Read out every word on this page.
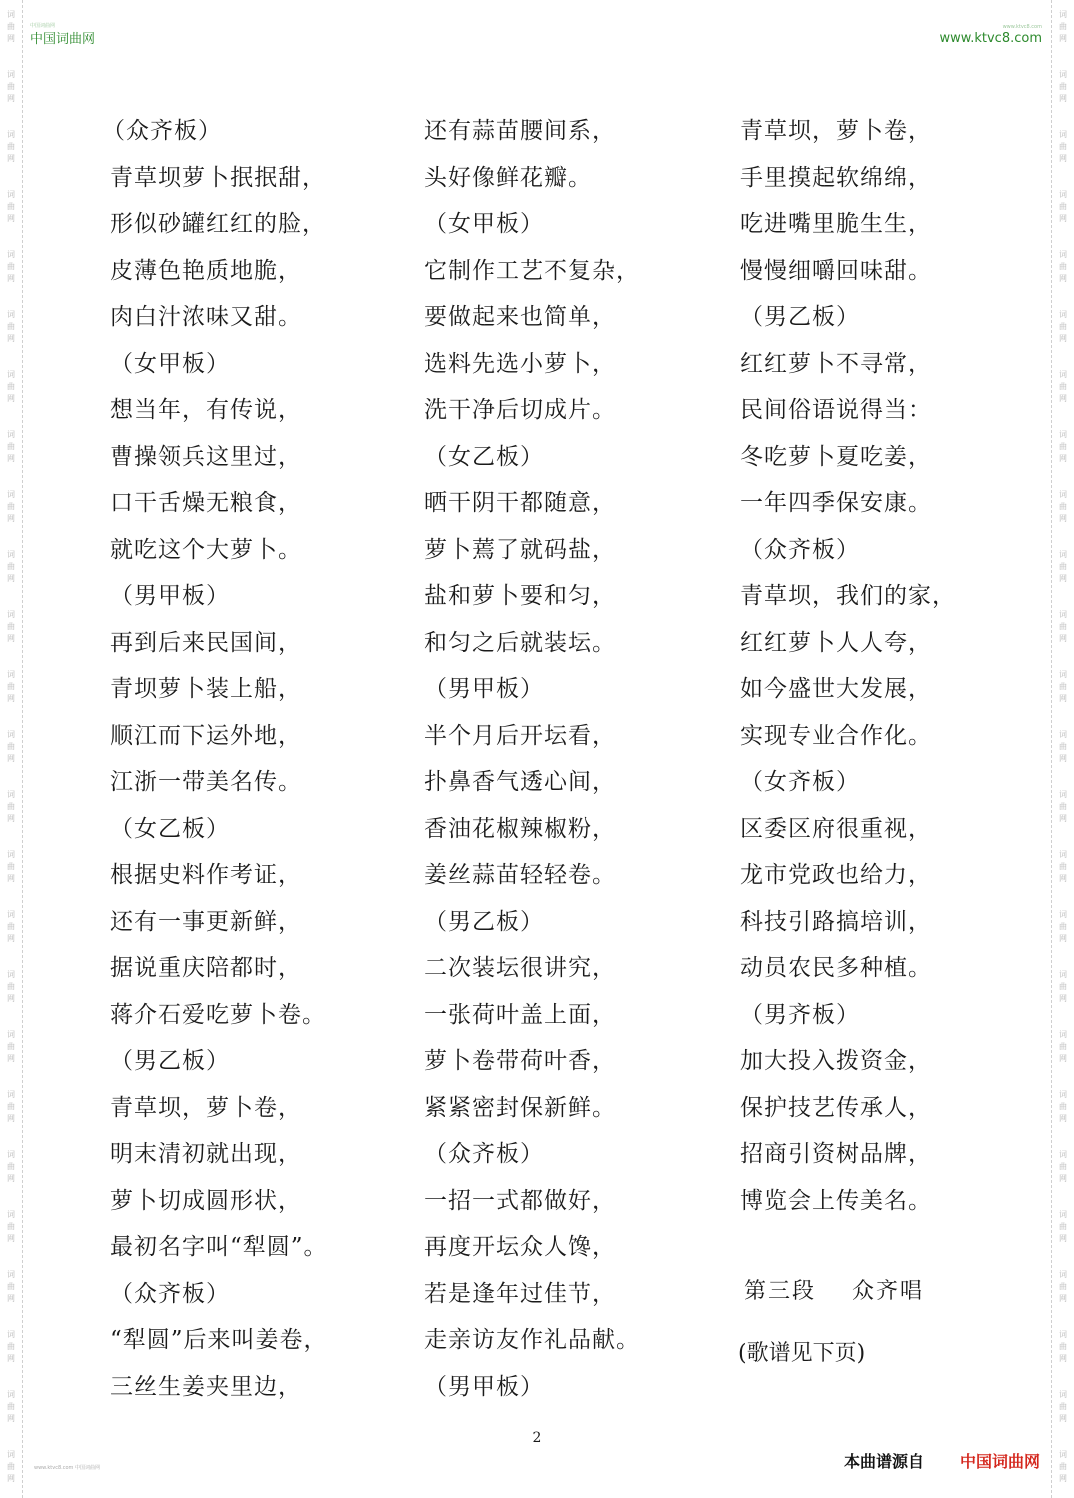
词
曲
网
词
曲
网
词
曲
网
词
曲
网
词
曲
网
词
曲
网
词
曲
网
词
曲
网
词
曲
网
词
曲
网
词
曲
网
词
曲
网
词
曲
网
词
曲
网
词
曲
网
词
曲
网
词
曲
网
词
曲
网
词
曲
网
词
曲
网
词
曲
网
词
曲
网
词
曲
网
词
曲
网
词
曲
网
词
曲
网
词
曲
网
词
曲
网
词
曲
网
词
曲
网
词
曲
网
词
曲
网
词
曲
网
词
曲
网
词
曲
网
词
曲
网
词
曲
网
词
曲
网
词
曲
网
词
曲
网
词
曲
网
词
曲
网
词
曲
网
词
曲
网
词
曲
网
词
曲
网
词
曲
网
词
曲
网
词
曲
网
词
曲
网
中国词曲网
中国词曲网
www.ktvc8.com
www.ktvc8.com
（众齐板）
青草坝萝卜抿抿甜，
形似砂罐红红的脸，
皮薄色艳质地脆，
肉白汁浓味又甜。
（女甲板）
想当年，有传说，
曹操领兵这里过，
口干舌燥无粮食，
就吃这个大萝卜。
（男甲板）
再到后来民国间，
青坝萝卜装上船，
顺江而下运外地，
江浙一带美名传。
（女乙板）
根据史料作考证，
还有一事更新鲜，
据说重庆陪都时，
蒋介石爱吃萝卜卷。
（男乙板）
青草坝，萝卜卷，
明末清初就出现，
萝卜切成圆形状，
最初名字叫“犁圆”。
（众齐板）
“犁圆”后来叫姜卷，
三丝生姜夹里边，
还有蒜苗腰间系，
头好像鲜花瓣。
（女甲板）
它制作工艺不复杂，
要做起来也简单，
选料先选小萝卜，
洗干净后切成片。
（女乙板）
晒干阴干都随意，
萝卜蔫了就码盐，
盐和萝卜要和匀，
和匀之后就装坛。
（男甲板）
半个月后开坛看，
扑鼻香气透心间，
香油花椒辣椒粉，
姜丝蒜苗轻轻卷。
（男乙板）
二次装坛很讲究，
一张荷叶盖上面，
萝卜卷带荷叶香，
紧紧密封保新鲜。
（众齐板）
一招一式都做好，
再度开坛众人馋，
若是逢年过佳节，
走亲访友作礼品献。
（男甲板）
青草坝，萝卜卷，
手里摸起软绵绵，
吃进嘴里脆生生，
慢慢细嚼回味甜。
（男乙板）
红红萝卜不寻常，
民间俗语说得当：
冬吃萝卜夏吃姜，
一年四季保安康。
（众齐板）
青草坝，我们的家，
红红萝卜人人夸，
如今盛世大发展，
实现专业合作化。
（女齐板）
区委区府很重视，
龙市党政也给力，
科技引路搞培训，
动员农民多种植。
（男齐板）
加大投入拨资金，
保护技艺传承人，
招商引资树品牌，
博览会上传美名。
第三段    众齐唱
(歌谱见下页)
2
www.ktvc8.com 中国词曲网	本曲谱源自 中国词曲网
